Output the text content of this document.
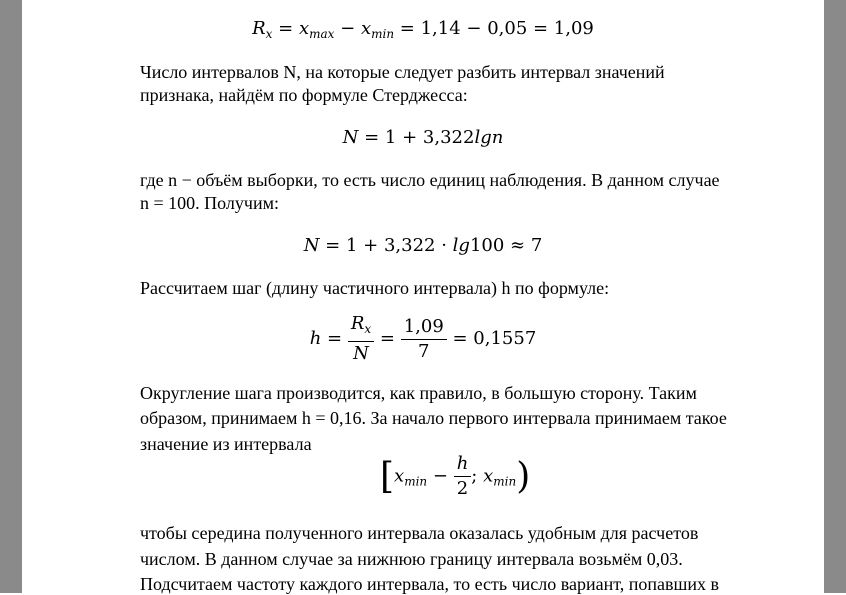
$R_x = x_{max} - x_{min} = 1,14 - 0,05 = 1,09$
Число интервалов N, на которые следует разбить интервал значений
признака, найдём по формуле Стерджесса:
N = 1 + 3,322lgn
где n − объём выборки, то есть число единиц наблюдения. В данном случае
n = 100. Получим:
N = 1 + 3,322 · lg100 ≈ 7
Рассчитаем шаг (длину частичного интервала) h по формуле:
$h = \frac{R_x}{N} = \frac{1,09}{7} = 0,1557$
Округление шага производится, как правило, в большую сторону. Таким
образом, принимаем h = 0,16. За начало первого интервала принимаем такое
значение из интервала
[$x_{min} - \frac{h}{2}$ ; $x_{min}$)
чтобы середина полученного интервала оказалась удобным для расчетов
числом. В данном случае за нижнюю границу интервала возьмём 0,03.
Подсчитаем частоту каждого интервала, то есть число вариант, попавших в
